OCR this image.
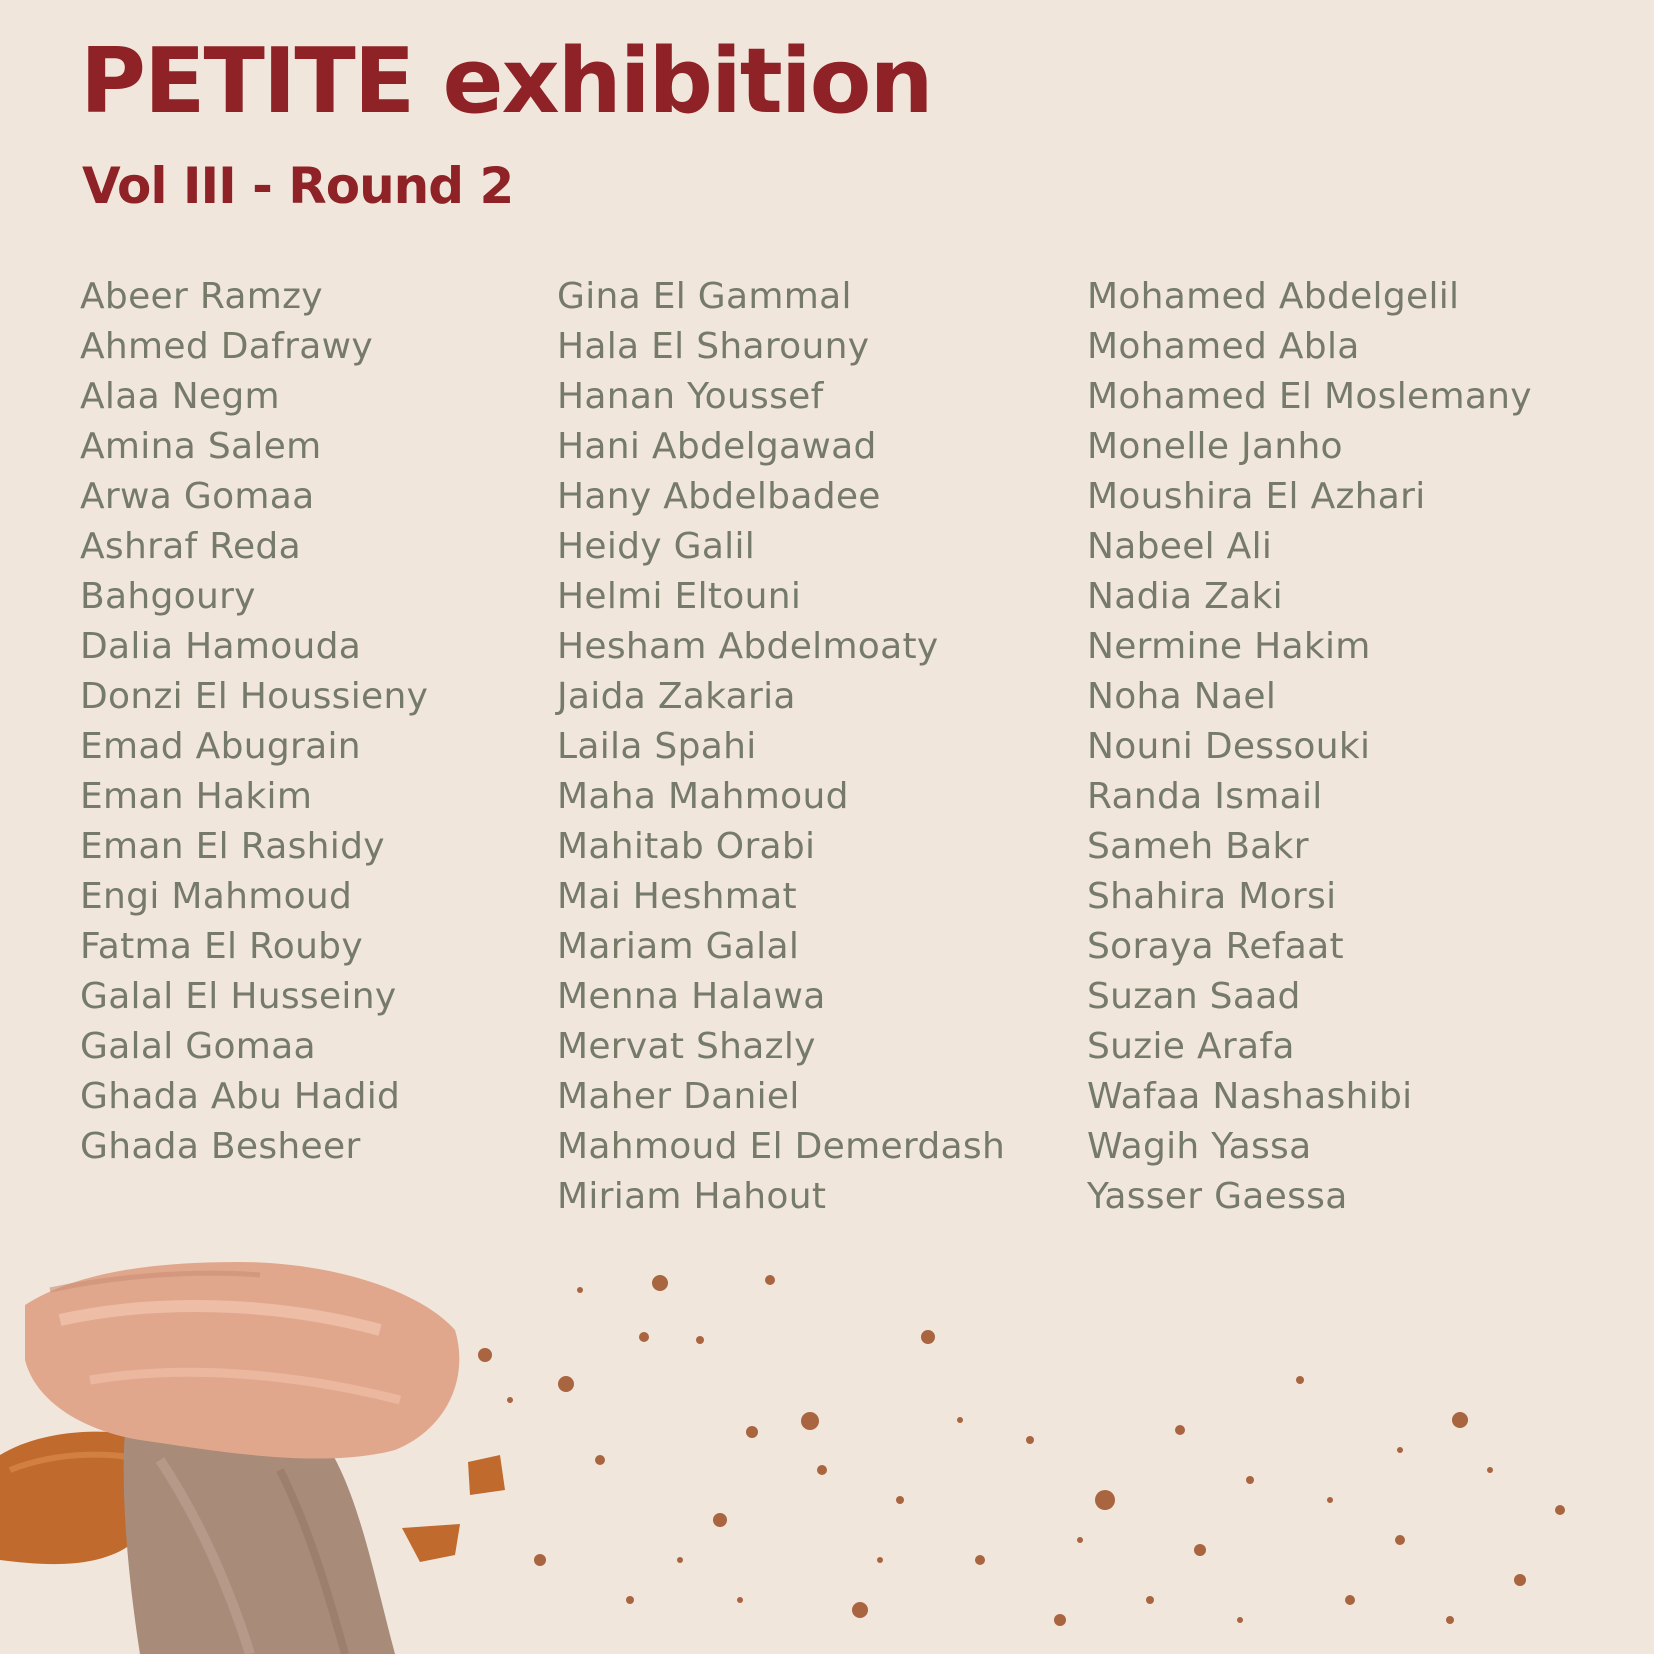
PETITE exhibition
Vol III - Round 2
Abeer Ramzy
Ahmed Dafrawy
Alaa Negm
Amina Salem
Arwa Gomaa
Ashraf Reda
Bahgoury
Dalia Hamouda
Donzi El Houssieny
Emad Abugrain
Eman Hakim
Eman El Rashidy
Engi Mahmoud
Fatma El Rouby
Galal El Husseiny
Galal Gomaa
Ghada Abu Hadid
Ghada Besheer
Gina El Gammal
Hala El Sharouny
Hanan Youssef
Hani Abdelgawad
Hany Abdelbadee
Heidy Galil
Helmi Eltouni
Hesham Abdelmoaty
Jaida Zakaria
Laila Spahi
Maha Mahmoud
Mahitab Orabi
Mai Heshmat
Mariam Galal
Menna Halawa
Mervat Shazly
Maher Daniel
Mahmoud El Demerdash
Miriam Hahout
Mohamed Abdelgelil
Mohamed Abla
Mohamed El Moslemany
Monelle Janho
Moushira El Azhari
Nabeel Ali
Nadia Zaki
Nermine Hakim
Noha Nael
Nouni Dessouki
Randa Ismail
Sameh Bakr
Shahira Morsi
Soraya Refaat
Suzan Saad
Suzie Arafa
Wafaa Nashashibi
Wagih Yassa
Yasser Gaessa
